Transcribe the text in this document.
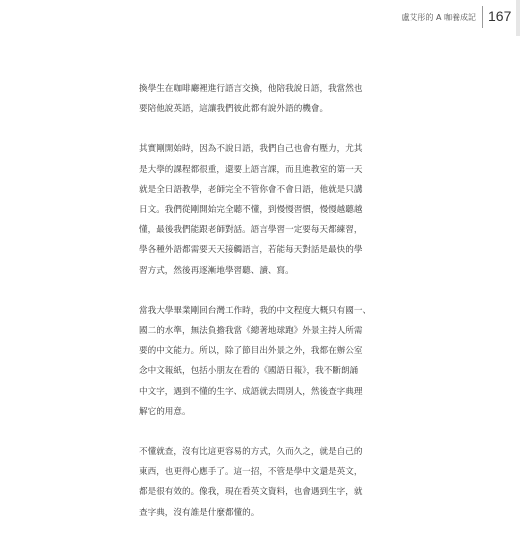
盧艾彤的 A 咖養成記 167

換學生在咖啡廳裡進行語言交換，他陪我說日語，我當然也
要陪他說英語，這讓我們彼此都有說外語的機會。

其實剛開始時，因為不說日語，我們自己也會有壓力，尤其
是大學的課程都很重，還要上語言課，而且進教室的第一天
就是全日語教學，老師完全不管你會不會日語，他就是只講
日文。我們從剛開始完全聽不懂，到慢慢習慣，慢慢越聽越
懂，最後我們能跟老師對話。語言學習一定要每天都練習，
學各種外語都需要天天接觸語言，若能每天對話是最快的學
習方式，然後再逐漸地學習聽、讀、寫。

當我大學畢業剛回台灣工作時，我的中文程度大概只有國一、
國二的水準，無法負擔我當《總著地球跑》外景主持人所需
要的中文能力。所以，除了節目出外景之外，我都在辦公室
念中文報紙，包括小朋友在看的《國語日報》，我不斷朗誦
中文字，遇到不懂的生字、成語就去問別人，然後查字典理
解它的用意。

不懂就查，沒有比這更容易的方式，久而久之，就是自己的
東西，也更得心應手了。這一招，不管是學中文還是英文，
都是很有效的。像我，現在看英文資料，也會遇到生字，就
查字典，沒有誰是什麼都懂的。
